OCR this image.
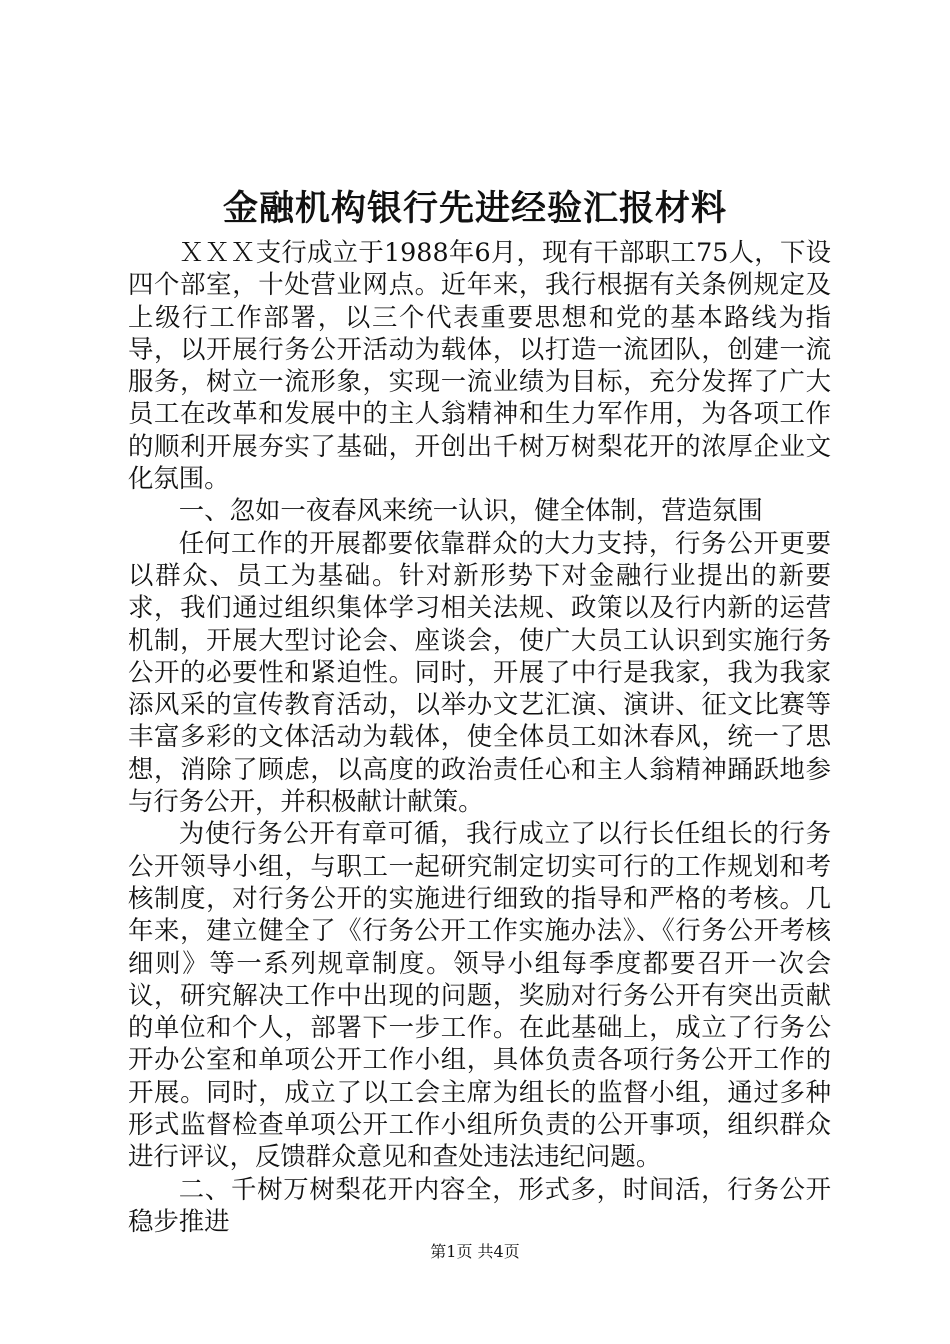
金融机构银行先进经验汇报材料

ＸＸＸ支行成立于1988年6月，现有干部职工75人，下设四个部室，十处营业网点。近年来，我行根据有关条例规定及上级行工作部署，以三个代表重要思想和党的基本路线为指导，以开展行务公开活动为载体，以打造一流团队，创建一流服务，树立一流形象，实现一流业绩为目标，充分发挥了广大员工在改革和发展中的主人翁精神和生力军作用，为各项工作的顺利开展夯实了基础，开创出千树万树梨花开的浓厚企业文化氛围。

一、忽如一夜春风来统一认识，健全体制，营造氛围

任何工作的开展都要依靠群众的大力支持，行务公开更要以群众、员工为基础。针对新形势下对金融行业提出的新要求，我们通过组织集体学习相关法规、政策以及行内新的运营机制，开展大型讨论会、座谈会，使广大员工认识到实施行务公开的必要性和紧迫性。同时，开展了中行是我家，我为我家添风采的宣传教育活动，以举办文艺汇演、演讲、征文比赛等丰富多彩的文体活动为载体，使全体员工如沐春风，统一了思想，消除了顾虑，以高度的政治责任心和主人翁精神踊跃地参与行务公开，并积极献计献策。

为使行务公开有章可循，我行成立了以行长任组长的行务公开领导小组，与职工一起研究制定切实可行的工作规划和考核制度，对行务公开的实施进行细致的指导和严格的考核。几年来，建立健全了《行务公开工作实施办法》、《行务公开考核细则》等一系列规章制度。领导小组每季度都要召开一次会议，研究解决工作中出现的问题，奖励对行务公开有突出贡献的单位和个人，部署下一步工作。在此基础上，成立了行务公开办公室和单项公开工作小组，具体负责各项行务公开工作的开展。同时，成立了以工会主席为组长的监督小组，通过多种形式监督检查单项公开工作小组所负责的公开事项，组织群众进行评议，反馈群众意见和查处违法违纪问题。

二、千树万树梨花开内容全，形式多，时间活，行务公开稳步推进

第1页 共4页
